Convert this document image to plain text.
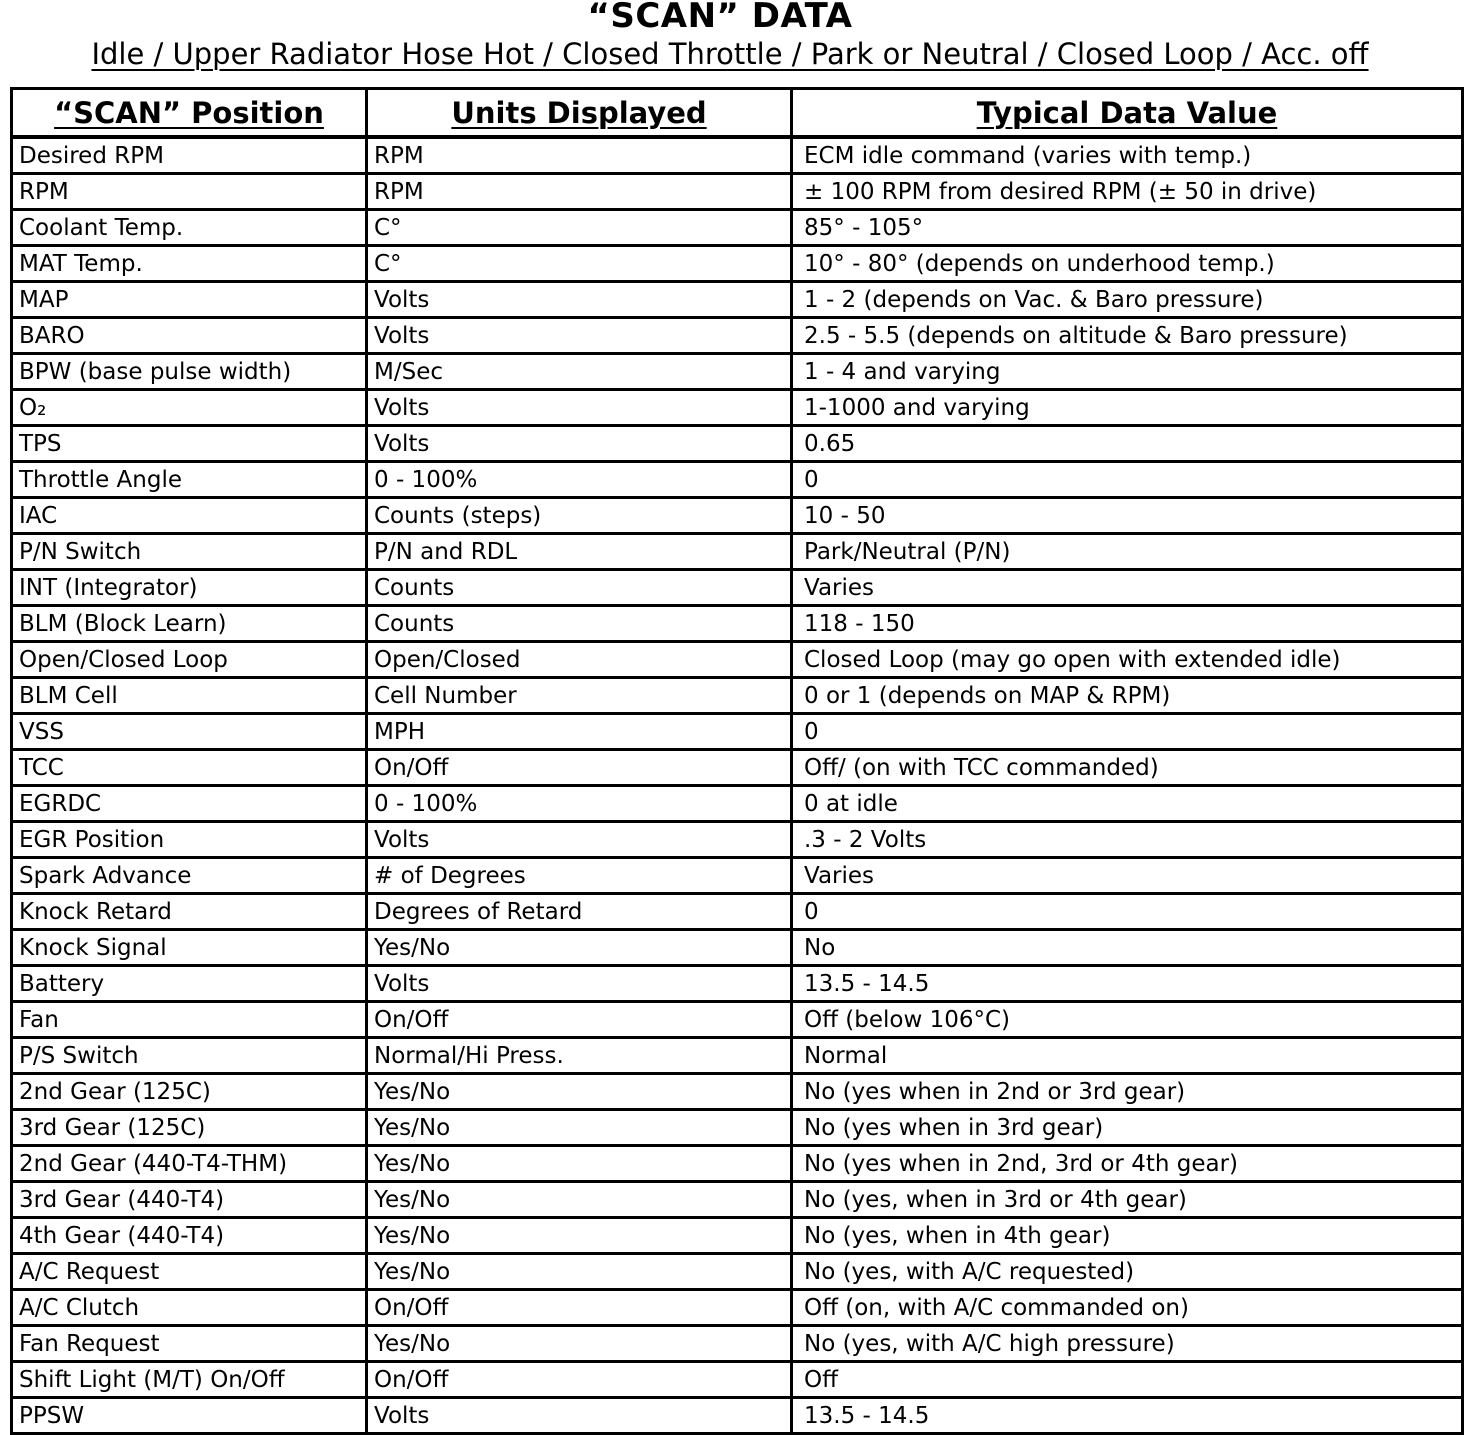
“SCAN” DATA
Idle / Upper Radiator Hose Hot / Closed Throttle / Park or Neutral / Closed Loop / Acc. off
“SCAN” Position	Units Displayed	Typical Data Value
Desired RPM	RPM	ECM idle command (varies with temp.)
RPM	RPM	± 100 RPM from desired RPM (± 50 in drive)
Coolant Temp.	C°	85° - 105°
MAT Temp.	C°	10° - 80° (depends on underhood temp.)
MAP	Volts	1 - 2 (depends on Vac. & Baro pressure)
BARO	Volts	2.5 - 5.5 (depends on altitude & Baro pressure)
BPW (base pulse width)	M/Sec	1 - 4 and varying
O₂	Volts	1-1000 and varying
TPS	Volts	0.65
Throttle Angle	0 - 100%	0
IAC	Counts (steps)	10 - 50
P/N Switch	P/N and RDL	Park/Neutral (P/N)
INT (Integrator)	Counts	Varies
BLM (Block Learn)	Counts	118 - 150
Open/Closed Loop	Open/Closed	Closed Loop (may go open with extended idle)
BLM Cell	Cell Number	0 or 1 (depends on MAP & RPM)
VSS	MPH	0
TCC	On/Off	Off/ (on with TCC commanded)
EGRDC	0 - 100%	0 at idle
EGR Position	Volts	.3 - 2 Volts
Spark Advance	# of Degrees	Varies
Knock Retard	Degrees of Retard	0
Knock Signal	Yes/No	No
Battery	Volts	13.5 - 14.5
Fan	On/Off	Off (below 106°C)
P/S Switch	Normal/Hi Press.	Normal
2nd Gear (125C)	Yes/No	No (yes when in 2nd or 3rd gear)
3rd Gear (125C)	Yes/No	No (yes when in 3rd gear)
2nd Gear (440-T4-THM)	Yes/No	No (yes when in 2nd, 3rd or 4th gear)
3rd Gear (440-T4)	Yes/No	No (yes, when in 3rd or 4th gear)
4th Gear (440-T4)	Yes/No	No (yes, when in 4th gear)
A/C Request	Yes/No	No (yes, with A/C requested)
A/C Clutch	On/Off	Off (on, with A/C commanded on)
Fan Request	Yes/No	No (yes, with A/C high pressure)
Shift Light (M/T) On/Off	On/Off	Off
PPSW	Volts	13.5 - 14.5
